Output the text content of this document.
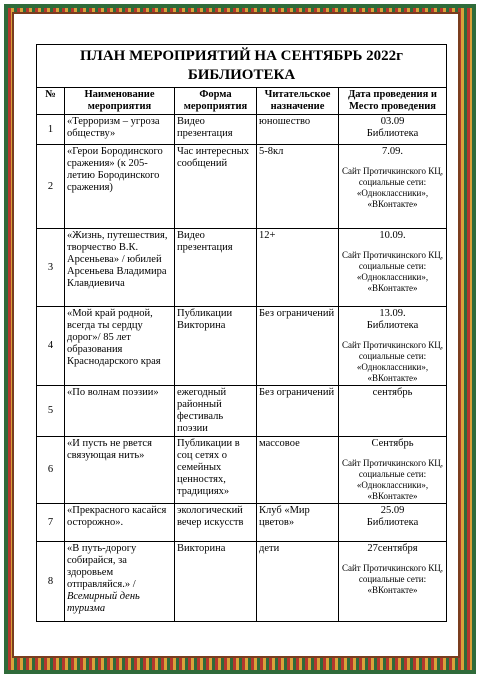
ПЛАН МЕРОПРИЯТИЙ НА СЕНТЯБРЬ 2022г
БИБЛИОТЕКА				
№	Наименование мероприятия	Форма мероприятия	Читательское назначение	Дата проведения и Место проведения
1	«Терроризм – угроза обществу»	Видео презентация	юношество	03.09

Библиотека

2	«Герои Бородинского сражения» (к 205-летию Бородинского сражения)	Час интересных сообщений	5-8кл	7.09.
Сайт Протичкинского КЦ, социальные сети: «Одноклассники», «ВКонтакте»

3	«Жизнь, путешествия, творчество В.К. Арсеньева» / юбилей Арсеньева Владимира Клавдиевича	Видео презентация	12+	10.09.
Сайт Протичкинского КЦ, социальные сети: «Одноклассники», «ВКонтакте»

4	«Мой край родной, всегда ты сердцу дорог»/ 85 лет образования Краснодарского края	Публикации Викторина	Без ограничений	13.09.

Библиотека
Сайт Протичкинского КЦ, социальные сети: «Одноклассники», «ВКонтакте»

5	«По волнам поэзии»	ежегодный районный фестиваль поэзии	Без ограничений	сентябрь
6	«И пусть не рвется связующая нить»	Публикации в соц сетях о семейных ценностях, традициях»	массовое	Сентябрь
Сайт Протичкинского КЦ, социальные сети: «Одноклассники», «ВКонтакте»

7	«Прекрасного касайся осторожно».	экологический вечер искусств	Клуб «Мир цветов»	25.09

Библиотека

8	«В путь-дорогу собирайся, за здоровьем отправляйся.» /
Всемирный день туризма	Викторина	дети	27сентября
Сайт Протичкинского КЦ, социальные сети: «ВКонтакте»
